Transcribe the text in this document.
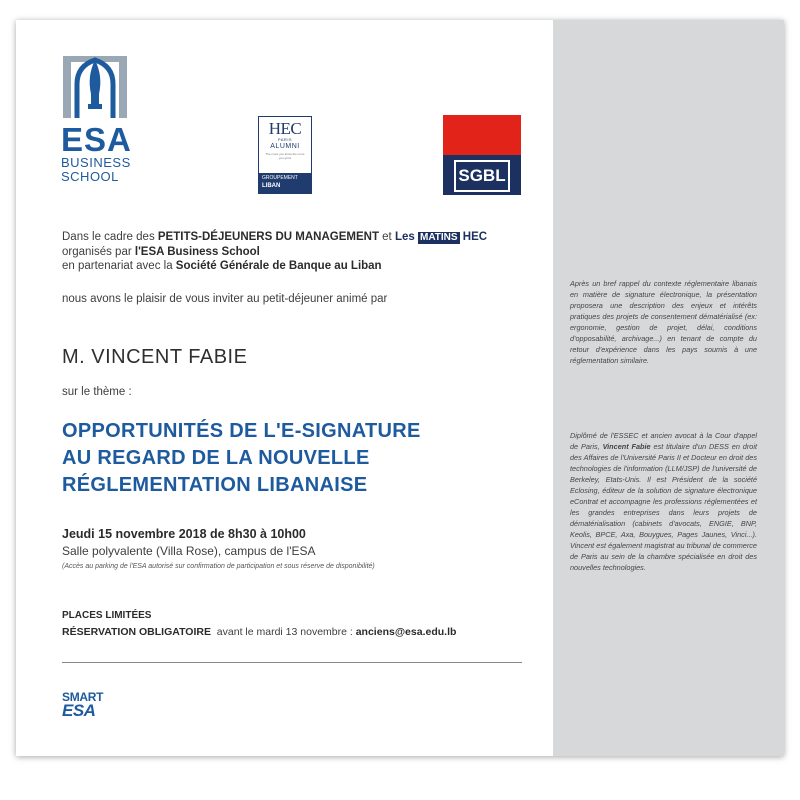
ESA
BUSINESS
SCHOOL
HEC
PARIS
ALUMNI
The more you know the more you grow
GROUPEMENT
LIBAN
SGBL
Dans le cadre des PETITS-DÉJEUNERS DU MANAGEMENT et Les MATINS HEC
organisés par l'ESA Business School
en partenariat avec la Société Générale de Banque au Liban
nous avons le plaisir de vous inviter au petit-déjeuner animé par
M. VINCENT FABIE
sur le thème :
OPPORTUNITÉS DE L'E-SIGNATURE
AU REGARD DE LA NOUVELLE
RÉGLEMENTATION LIBANAISE
Jeudi 15 novembre 2018 de 8h30 à 10h00
Salle polyvalente (Villa Rose), campus de l'ESA
(Accès au parking de l'ESA autorisé sur confirmation de participation et sous réserve de disponibilité)
PLACES LIMITÉES
RÉSERVATION OBLIGATOIRE  avant le mardi 13 novembre : anciens@esa.edu.lb
SMART
ESA
Après un bref rappel du contexte réglementaire libanais en matière de signature électronique, la présentation proposera une description des enjeux et intérêts pratiques des projets de consentement dématérialisé (ex: ergonomie, gestion de projet, délai, conditions d'opposabilité, archivage...) en tenant de compte du retour d'expérience dans les pays soumis à une réglementation similaire.
Diplômé de l'ESSEC et ancien avocat à la Cour d'appel de Paris, Vincent Fabie est titulaire d'un DESS en droit des Affaires de l'Université Paris II et Docteur en droit des technologies de l'information (LLM/JSP) de l'université de Berkeley, Etats-Unis. Il est Président de la société Eclosing, éditeur de la solution de signature électronique eContrat et accompagne les professions réglementées et les grandes entreprises dans leurs projets de dématérialisation (cabinets d'avocats, ENGIE, BNP, Keolis, BPCE, Axa, Bouygues, Pages Jaunes, Vinci...). Vincent est également magistrat au tribunal de commerce de Paris au sein de la chambre spécialisée en droit des nouvelles technologies.
